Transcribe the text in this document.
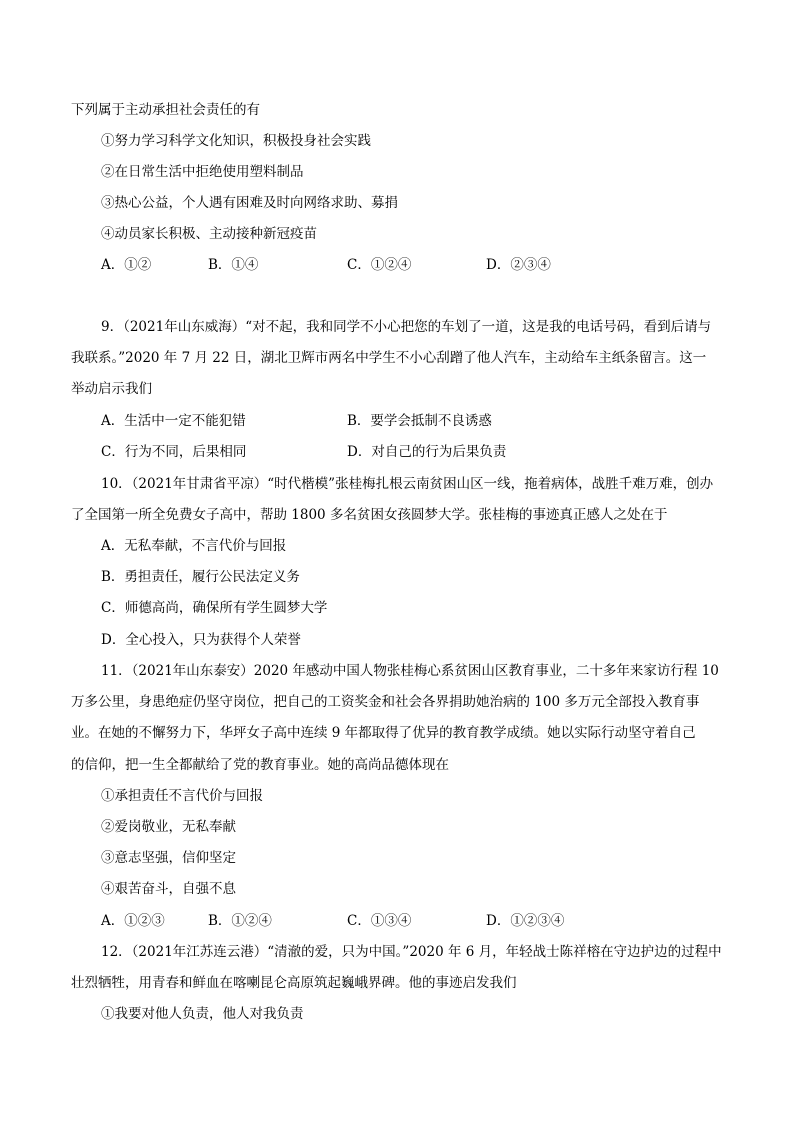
下列属于主动承担社会责任的有
①努力学习科学文化知识，积极投身社会实践
②在日常生活中拒绝使用塑料制品
③热心公益，个人遇有困难及时向网络求助、募捐
④动员家长积极、主动接种新冠疫苗
A．①②	B．①④	C．①②④	D．②③④
9．（2021年山东威海）“对不起，我和同学不小心把您的车划了一道，这是我的电话号码，看到后请与
我联系。”2020 年 7 月 22 日，湖北卫辉市两名中学生不小心刮蹭了他人汽车，主动给车主纸条留言。这一
举动启示我们
A．生活中一定不能犯错	B．要学会抵制不良诱惑
C．行为不同，后果相同	D．对自己的行为后果负责
10．（2021年甘肃省平凉）“时代楷模”张桂梅扎根云南贫困山区一线，拖着病体，战胜千难万难，创办
了全国第一所全免费女子高中，帮助 1800 多名贫困女孩圆梦大学。张桂梅的事迹真正感人之处在于
A．无私奉献，不言代价与回报
B．勇担责任，履行公民法定义务
C．师德高尚，确保所有学生圆梦大学
D．全心投入，只为获得个人荣誉
11．（2021年山东泰安）2020 年感动中国人物张桂梅心系贫困山区教育事业，二十多年来家访行程 10
万多公里，身患绝症仍坚守岗位，把自己的工资奖金和社会各界捐助她治病的 100 多万元全部投入教育事
业。在她的不懈努力下，华坪女子高中连续 9 年都取得了优异的教育教学成绩。她以实际行动坚守着自己
的信仰，把一生全都献给了党的教育事业。她的高尚品德体现在
①承担责任不言代价与回报
②爱岗敬业，无私奉献
③意志坚强，信仰坚定
④艰苦奋斗，自强不息
A．①②③	B．①②④	C．①③④	D．①②③④
12．（2021年江苏连云港）“清澈的爱，只为中国。”2020 年 6 月，年轻战士陈祥榕在守边护边的过程中
壮烈牺牲，用青春和鲜血在喀喇昆仑高原筑起巍峨界碑。他的事迹启发我们
①我要对他人负责，他人对我负责
